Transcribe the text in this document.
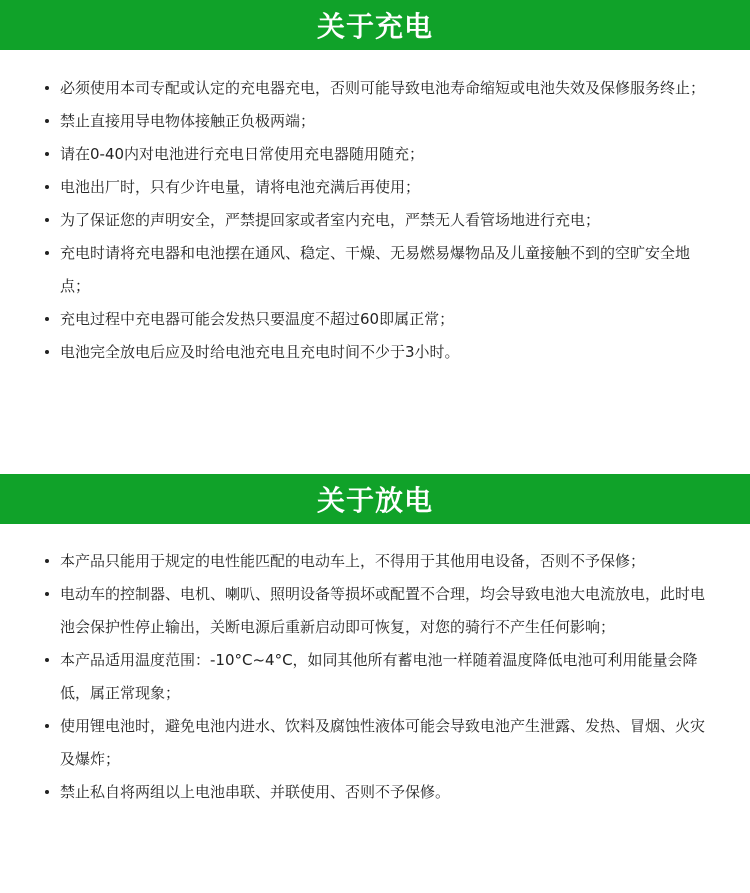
关于充电
必须使用本司专配或认定的充电器充电，否则可能导致电池寿命缩短或电池失效及保修服务终止；
禁止直接用导电物体接触正负极两端；
请在0-40内对电池进行充电日常使用充电器随用随充；
电池出厂时，只有少许电量，请将电池充满后再使用；
为了保证您的声明安全，严禁提回家或者室内充电，严禁无人看管场地进行充电；
充电时请将充电器和电池摆在通风、稳定、干燥、无易燃易爆物品及儿童接触不到的空旷安全地点；
充电过程中充电器可能会发热只要温度不超过60即属正常；
电池完全放电后应及时给电池充电且充电时间不少于3小时。
关于放电
本产品只能用于规定的电性能匹配的电动车上，不得用于其他用电设备，否则不予保修；
电动车的控制器、电机、喇叭、照明设备等损坏或配置不合理，均会导致电池大电流放电，此时电池会保护性停止输出，关断电源后重新启动即可恢复，对您的骑行不产生任何影响；
本产品适用温度范围：-10°C~4°C，如同其他所有蓄电池一样随着温度降低电池可利用能量会降低，属正常现象；
使用锂电池时，避免电池内进水、饮料及腐蚀性液体可能会导致电池产生泄露、发热、冒烟、火灾及爆炸；
禁止私自将两组以上电池串联、并联使用、否则不予保修。
